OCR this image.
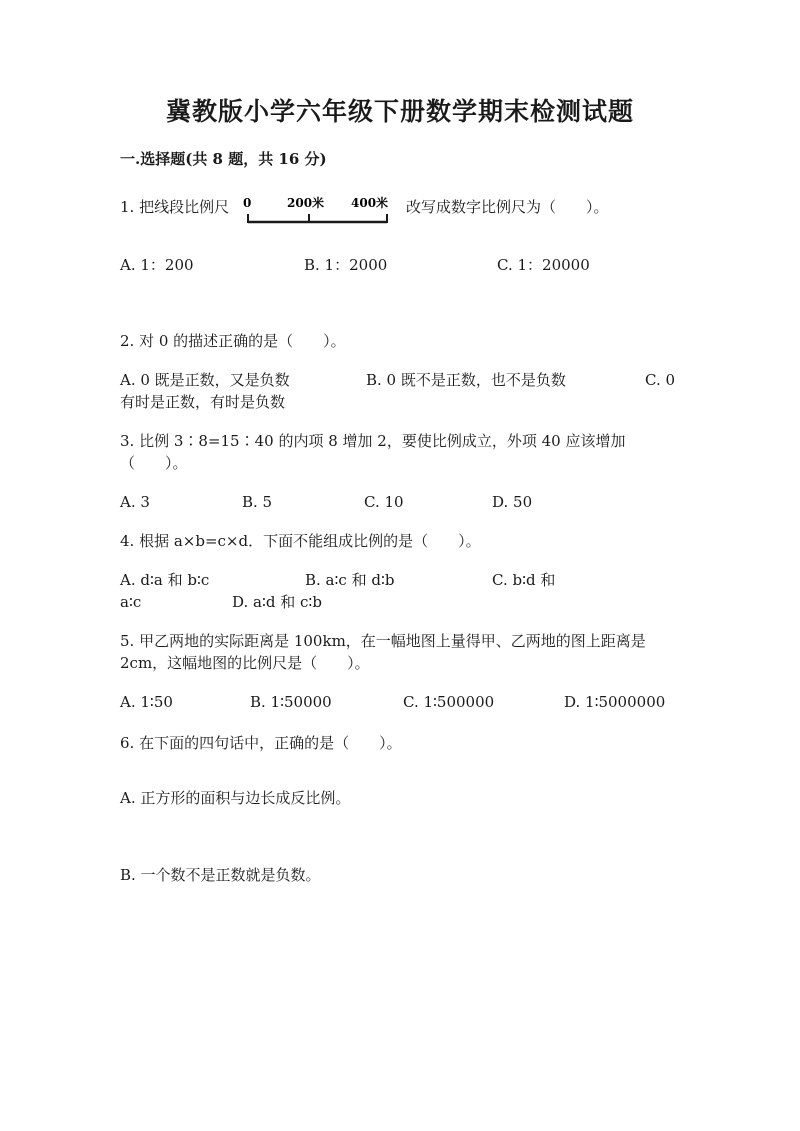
冀教版小学六年级下册数学期末检测试题
一.选择题(共 8 题，共 16 分)
1. 把线段比例尺 0	200米 400米 改写成数字比例尺为（　　）。
A. 1：200	B. 1：2000	C. 1：20000
2. 对 0 的描述正确的是（　　）。
A. 0 既是正数，又是负数	B. 0 既不是正数，也不是负数	C. 0
有时是正数，有时是负数
3. 比例 3∶8=15∶40 的内项 8 增加 2，要使比例成立，外项 40 应该增加
（　　）。
A. 3	B. 5	C. 10	D. 50
4. 根据 a×b=c×d．下面不能组成比例的是（　　）。
A. d∶a 和 b∶c	B. a∶c 和 d∶b	C. b∶d 和
a∶c	D. a∶d 和 c∶b
5. 甲乙两地的实际距离是 100km，在一幅地图上量得甲、乙两地的图上距离是
2cm，这幅地图的比例尺是（　　）。
A. 1∶50	B. 1∶50000	C. 1∶500000	D. 1∶5000000
6. 在下面的四句话中，正确的是（　　）。
A. 正方形的面积与边长成反比例。
B. 一个数不是正数就是负数。
